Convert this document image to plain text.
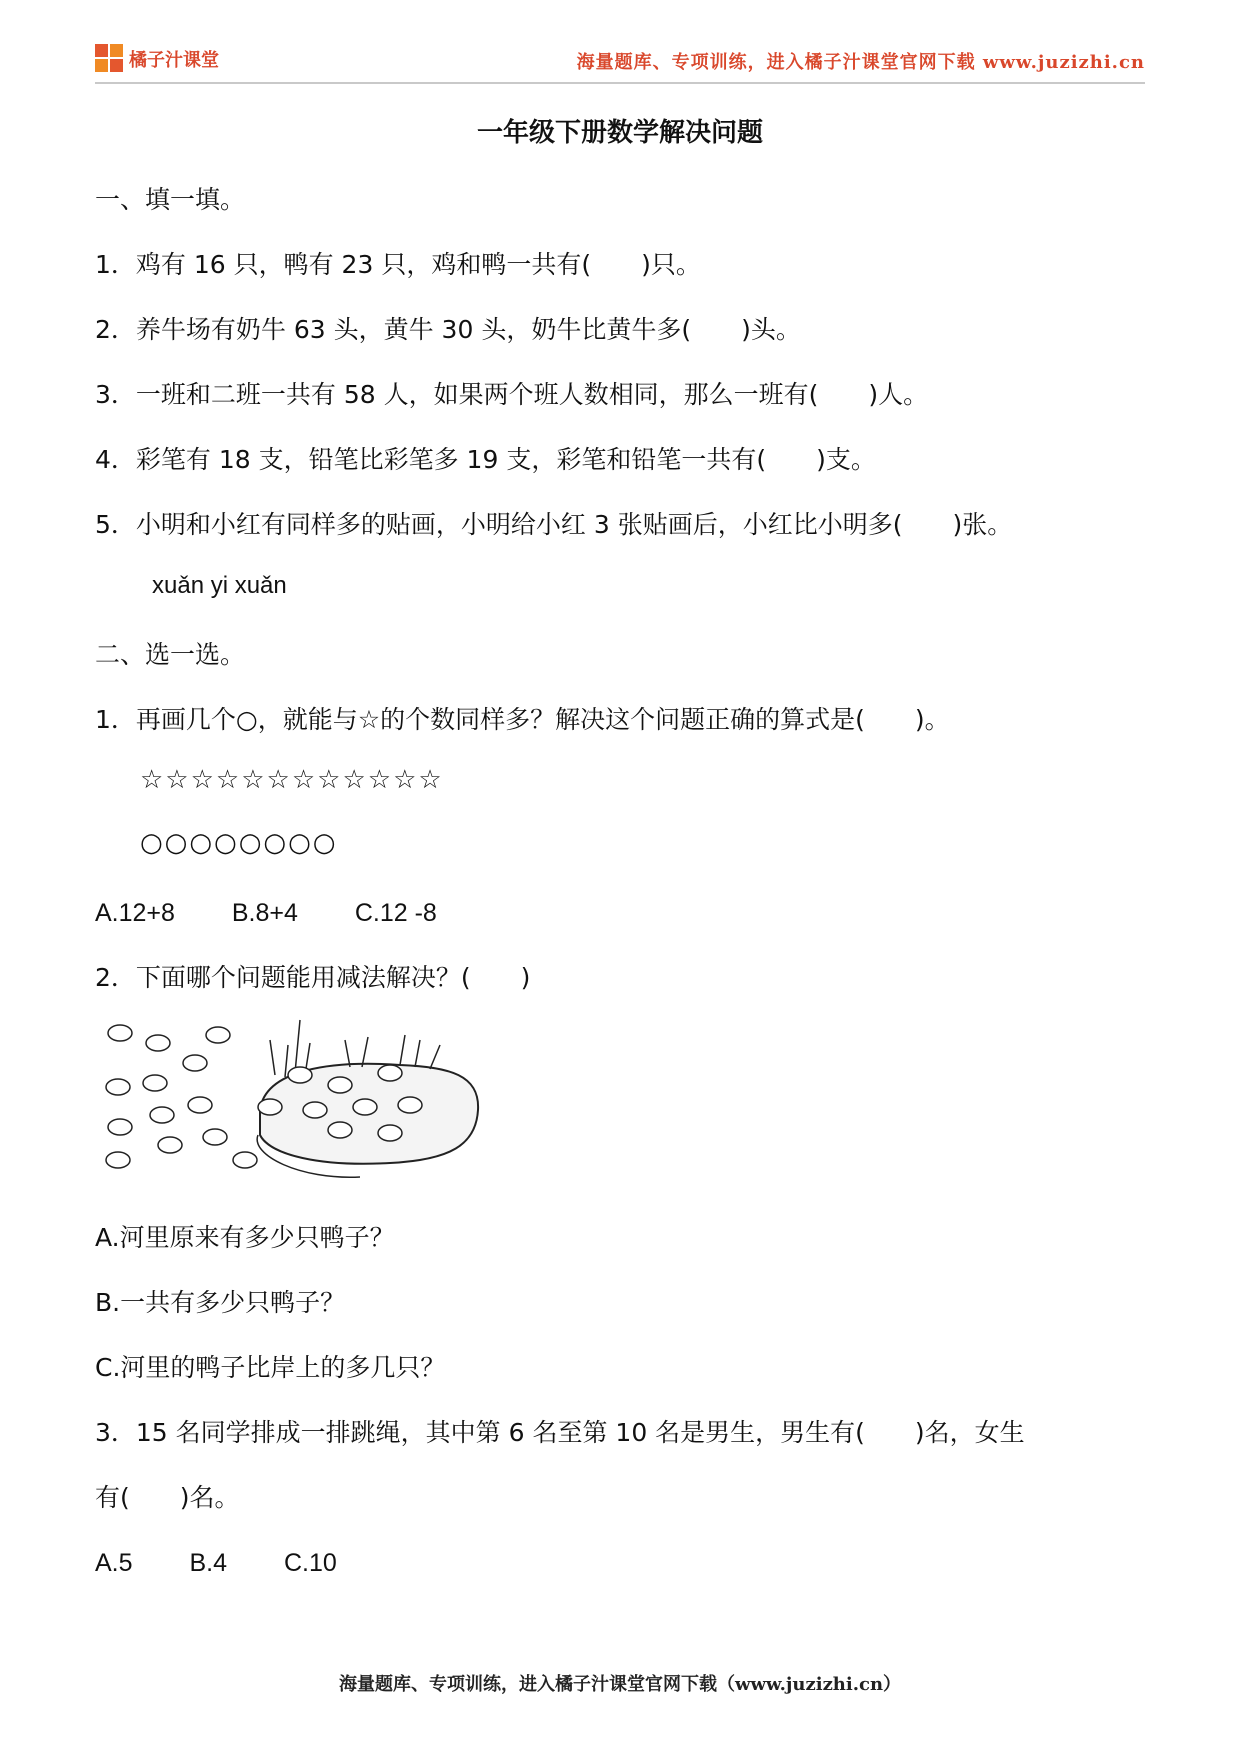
橘子汁课堂	海量题库、专项训练，进入橘子汁课堂官网下载 www.juzizhi.cn
一年级下册数学解决问题
一、填一填。
1．鸡有 16 只，鸭有 23 只，鸡和鸭一共有(　　)只。
2．养牛场有奶牛 63 头，黄牛 30 头，奶牛比黄牛多(　　)头。
3．一班和二班一共有 58 人，如果两个班人数相同，那么一班有(　　)人。
4．彩笔有 18 支，铅笔比彩笔多 19 支，彩笔和铅笔一共有(　　)支。
5．小明和小红有同样多的贴画，小明给小红 3 张贴画后，小红比小明多(　　)张。
xuǎn yi xuǎn
二、选一选。
1．再画几个○，就能与☆的个数同样多？解决这个问题正确的算式是(　　)。
☆☆☆☆☆☆☆☆☆☆☆☆
○○○○○○○○
A.12+8　　 B.8+4　　 C.12 -8
2．下面哪个问题能用减法解决？(　　)
A.河里原来有多少只鸭子？
B.一共有多少只鸭子？
C.河里的鸭子比岸上的多几只？
3．15 名同学排成一排跳绳，其中第 6 名至第 10 名是男生，男生有(　　)名，女生
有(　　)名。
A.5　　 B.4　　 C.10
海量题库、专项训练，进入橘子汁课堂官网下载（www.juzizhi.cn）
